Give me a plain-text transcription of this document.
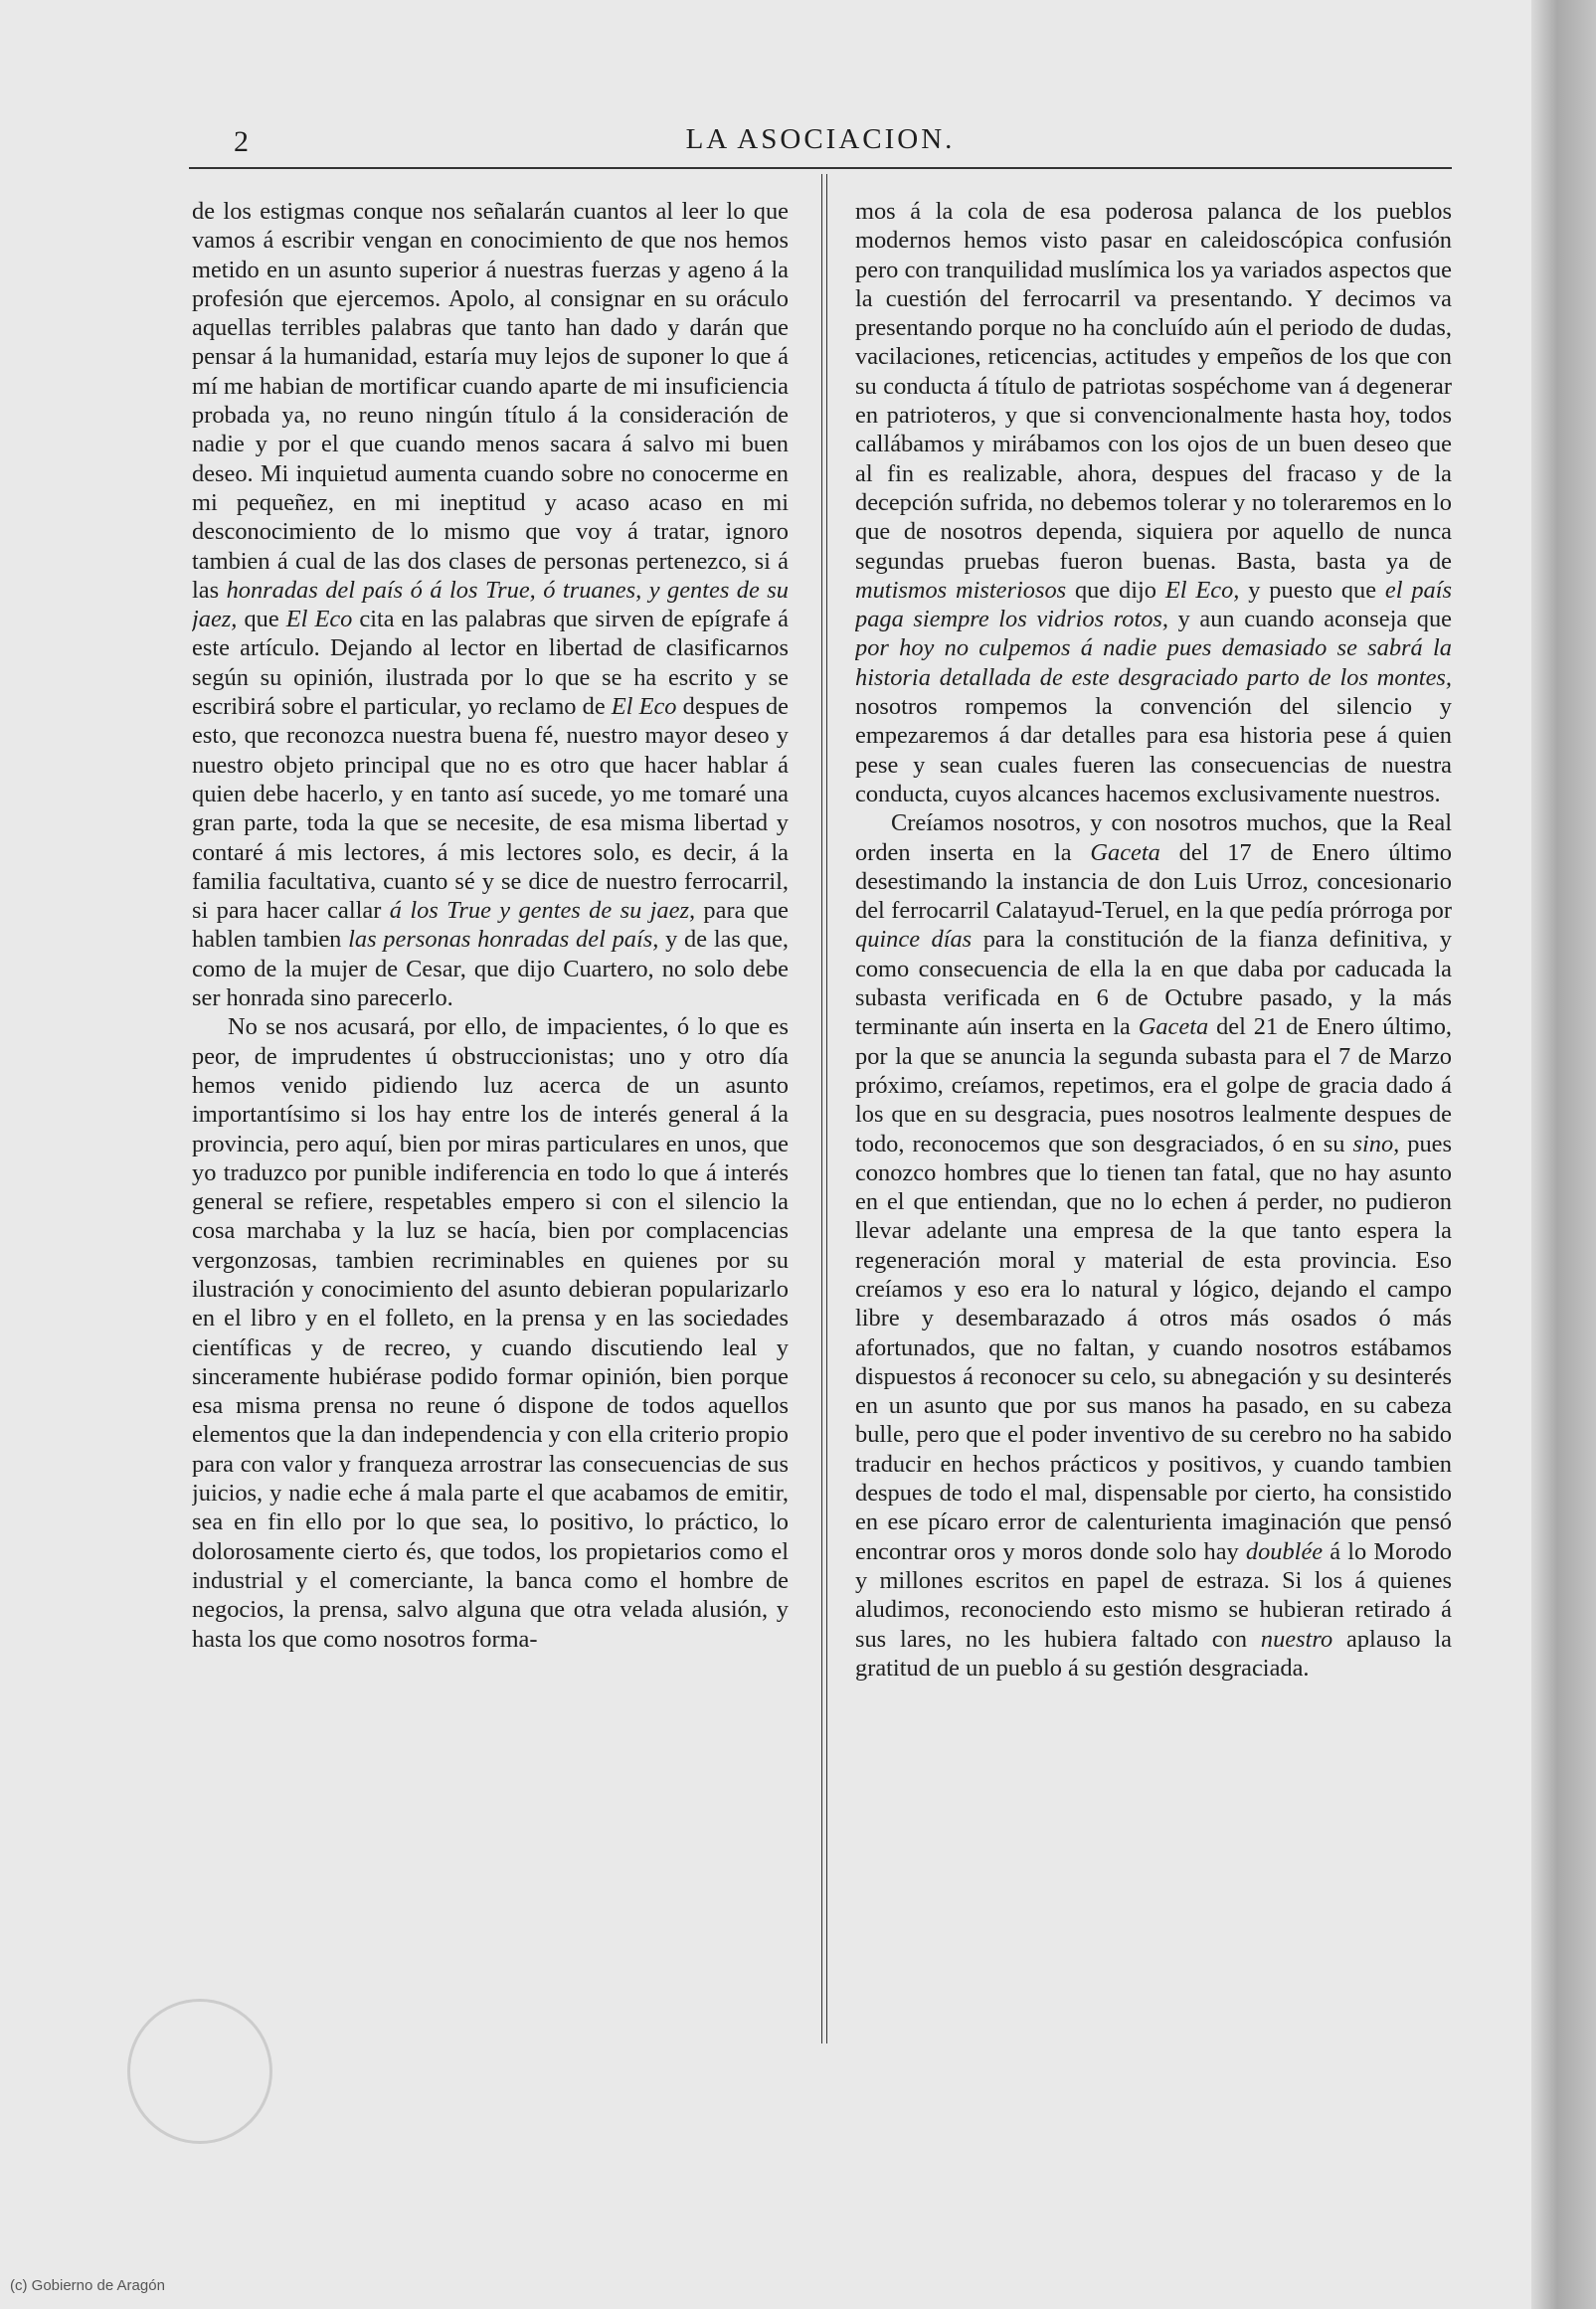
2	LA ASOCIACION.

de los estigmas conque nos señalarán cuantos al leer lo que vamos á escribir vengan en conocimiento de que nos hemos metido en un asunto superior á nuestras fuerzas y ageno á la profesión que ejercemos. Apolo, al consignar en su oráculo aquellas terribles palabras que tanto han dado y darán que pensar á la humanidad, estaría muy lejos de suponer lo que á mí me habian de mortificar cuando aparte de mi insuficiencia probada ya, no reuno ningún título á la consideración de nadie y por el que cuando menos sacara á salvo mi buen deseo. Mi inquietud aumenta cuando sobre no conocerme en mi pequeñez, en mi ineptitud y acaso acaso en mi desconocimiento de lo mismo que voy á tratar, ignoro tambien á cual de las dos clases de personas pertenezco, si á las honradas del país ó á los True, ó truanes, y gentes de su jaez, que El Eco cita en las palabras que sirven de epígrafe á este artículo. Dejando al lector en libertad de clasificarnos según su opinión, ilustrada por lo que se ha escrito y se escribirá sobre el particular, yo reclamo de El Eco despues de esto, que reconozca nuestra buena fé, nuestro mayor deseo y nuestro objeto principal que no es otro que hacer hablar á quien debe hacerlo, y en tanto así sucede, yo me tomaré una gran parte, toda la que se necesite, de esa misma libertad y contaré á mis lectores, á mis lectores solo, es decir, á la familia facultativa, cuanto sé y se dice de nuestro ferrocarril, si para hacer callar á los True y gentes de su jaez, para que hablen tambien las personas honradas del país, y de las que, como de la mujer de Cesar, que dijo Cuartero, no solo debe ser honrada sino parecerlo.

No se nos acusará, por ello, de impacientes, ó lo que es peor, de imprudentes ú obstruccionistas; uno y otro día hemos venido pidiendo luz acerca de un asunto importantísimo si los hay entre los de interés general á la provincia, pero aquí, bien por miras particulares en unos, que yo traduzco por punible indiferencia en todo lo que á interés general se refiere, respetables empero si con el silencio la cosa marchaba y la luz se hacía, bien por complacencias vergonzosas, tambien recriminables en quienes por su ilustración y conocimiento del asunto debieran popularizarlo en el libro y en el folleto, en la prensa y en las sociedades científicas y de recreo, y cuando discutiendo leal y sinceramente hubiérase podido formar opinión, bien porque esa misma prensa no reune ó dispone de todos aquellos elementos que la dan independencia y con ella criterio propio para con valor y franqueza arrostrar las consecuencias de sus juicios, y nadie eche á mala parte el que acabamos de emitir, sea en fin ello por lo que sea, lo positivo, lo práctico, lo dolorosamente cierto és, que todos, los propietarios como el industrial y el comerciante, la banca como el hombre de negocios, la prensa, salvo alguna que otra velada alusión, y hasta los que como nosotros forma-

mos á la cola de esa poderosa palanca de los pueblos modernos hemos visto pasar en caleidoscópica confusión pero con tranquilidad muslímica los ya variados aspectos que la cuestión del ferrocarril va presentando. Y decimos va presentando porque no ha concluído aún el periodo de dudas, vacilaciones, reticencias, actitudes y empeños de los que con su conducta á título de patriotas sospéchome van á degenerar en patrioteros, y que si convencionalmente hasta hoy, todos callábamos y mirábamos con los ojos de un buen deseo que al fin es realizable, ahora, despues del fracaso y de la decepción sufrida, no debemos tolerar y no toleraremos en lo que de nosotros dependa, siquiera por aquello de nunca segundas pruebas fueron buenas. Basta, basta ya de mutismos misteriosos que dijo El Eco, y puesto que el país paga siempre los vidrios rotos, y aun cuando aconseja que por hoy no culpemos á nadie pues demasiado se sabrá la historia detallada de este desgraciado parto de los montes, nosotros rompemos la convención del silencio y empezaremos á dar detalles para esa historia pese á quien pese y sean cuales fueren las consecuencias de nuestra conducta, cuyos alcances hacemos exclusivamente nuestros.

Creíamos nosotros, y con nosotros muchos, que la Real orden inserta en la Gaceta del 17 de Enero último desestimando la instancia de don Luis Urroz, concesionario del ferrocarril Calatayud-Teruel, en la que pedía prórroga por quince días para la constitución de la fianza definitiva, y como consecuencia de ella la en que daba por caducada la subasta verificada en 6 de Octubre pasado, y la más terminante aún inserta en la Gaceta del 21 de Enero último, por la que se anuncia la segunda subasta para el 7 de Marzo próximo, creíamos, repetimos, era el golpe de gracia dado á los que en su desgracia, pues nosotros lealmente despues de todo, reconocemos que son desgraciados, ó en su sino, pues conozco hombres que lo tienen tan fatal, que no hay asunto en el que entiendan, que no lo echen á perder, no pudieron llevar adelante una empresa de la que tanto espera la regeneración moral y material de esta provincia. Eso creíamos y eso era lo natural y lógico, dejando el campo libre y desembarazado á otros más osados ó más afortunados, que no faltan, y cuando nosotros estábamos dispuestos á reconocer su celo, su abnegación y su desinterés en un asunto que por sus manos ha pasado, en su cabeza bulle, pero que el poder inventivo de su cerebro no ha sabido traducir en hechos prácticos y positivos, y cuando tambien despues de todo el mal, dispensable por cierto, ha consistido en ese pícaro error de calenturienta imaginación que pensó encontrar oros y moros donde solo hay doublée á lo Morodo y millones escritos en papel de estraza. Si los á quienes aludimos, reconociendo esto mismo se hubieran retirado á sus lares, no les hubiera faltado con nuestro aplauso la gratitud de un pueblo á su gestión desgraciada.

(c) Gobierno de Aragón
